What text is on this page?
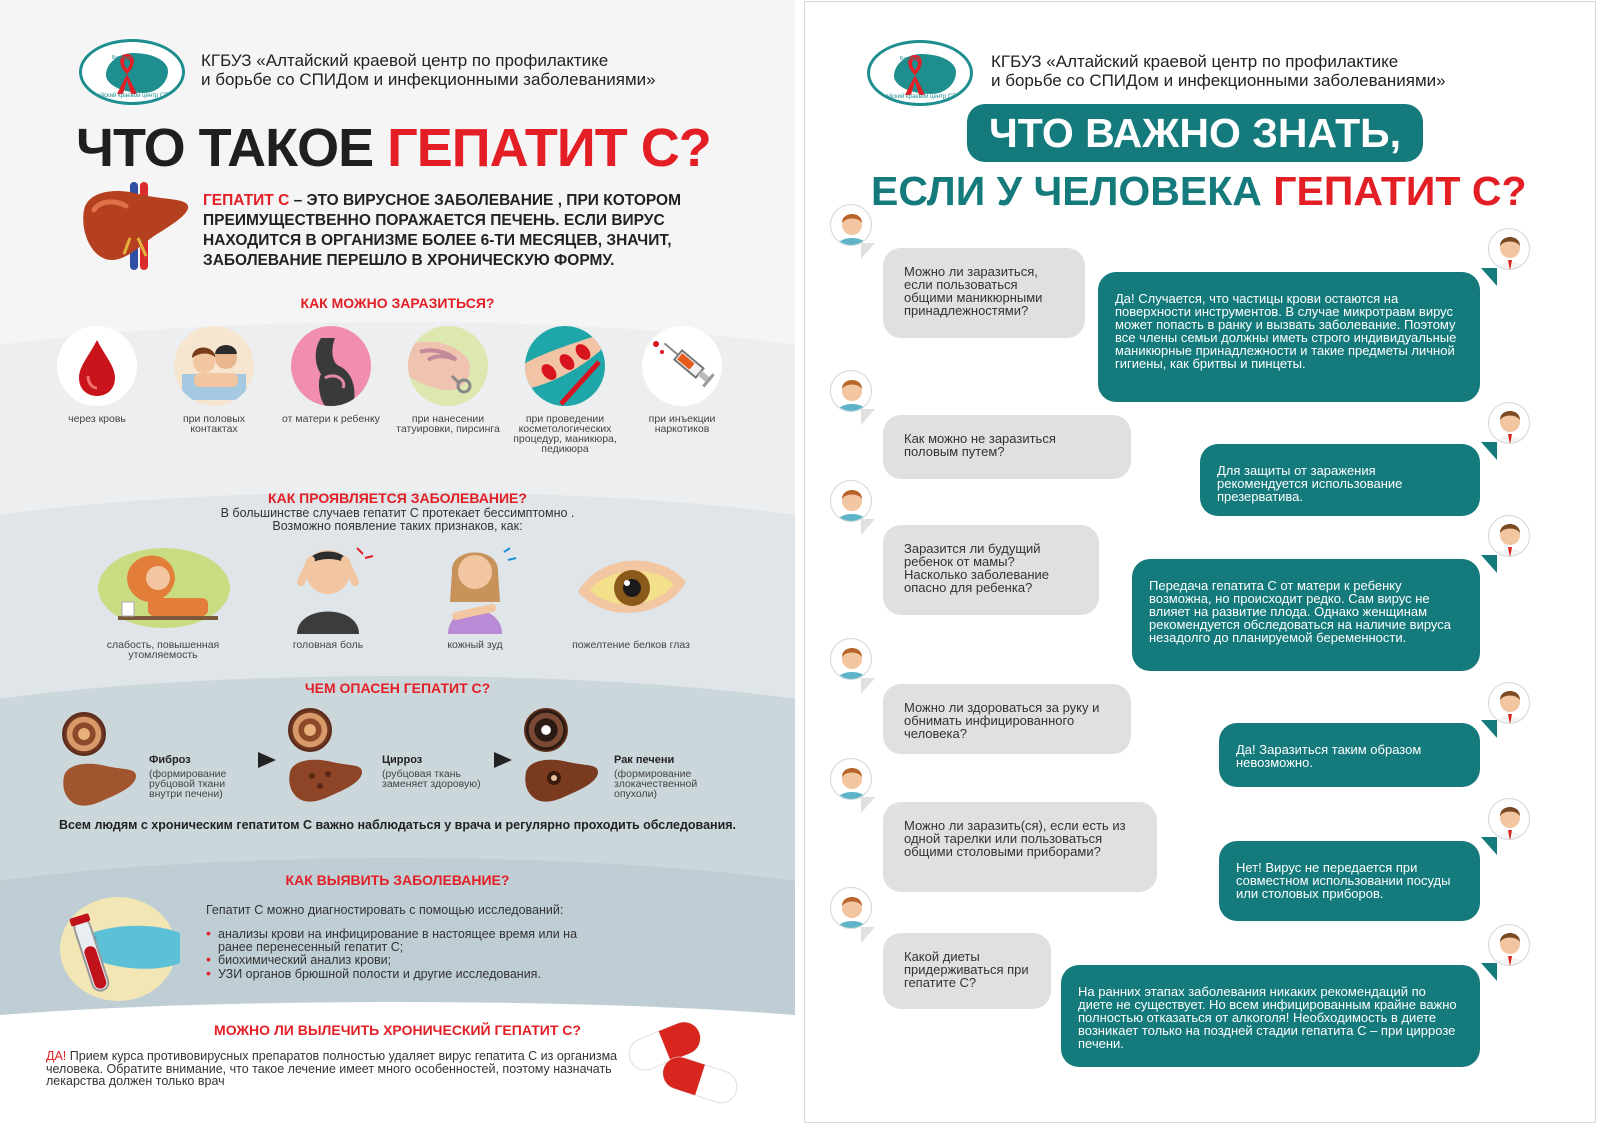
Барнаул
Алтайский краевой центр СПИД
КГБУЗ «Алтайский краевой центр по профилактике
и борьбе со СПИДом и инфекционными заболеваниями»
ЧТО ТАКОЕ ГЕПАТИТ С?
ГЕПАТИТ С – ЭТО ВИРУСНОЕ ЗАБОЛЕВАНИЕ , ПРИ КОТОРОМ ПРЕИМУЩЕСТВЕННО ПОРАЖАЕТСЯ ПЕЧЕНЬ. ЕСЛИ ВИРУС НАХОДИТСЯ В ОРГАНИЗМЕ БОЛЕЕ 6-ТИ МЕСЯЦЕВ, ЗНАЧИТ, ЗАБОЛЕВАНИЕ ПЕРЕШЛО В ХРОНИЧЕСКУЮ ФОРМУ.
КАК МОЖНО ЗАРАЗИТЬСЯ?
через кровь	при половых контактах
от матери к ребенку	при нанесении татуировки, пирсинга
при проведении косметологических процедур, маникюра, педикюра
при инъекции наркотиков
КАК ПРОЯВЛЯЕТСЯ ЗАБОЛЕВАНИЕ?
В большинстве случаев гепатит С протекает бессимптомно .
Возможно появление таких признаков, как:
слабость, повышенная утомляемость
головная боль	кожный зуд	пожелтение белков глаз
ЧЕМ ОПАСЕН ГЕПАТИТ С?
Фиброз
(формирование рубцовой ткани внутри печени)
Цирроз
(рубцовая ткань заменяет здоровую)
Рак печени
(формирование злокачественной опухоли)
Всем людям с хроническим гепатитом С важно наблюдаться у врача и регулярно проходить обследования.
КАК ВЫЯВИТЬ ЗАБОЛЕВАНИЕ?
Гепатит С можно диагностировать с помощью исследований:
• анализы крови на инфицирование в настоящее время или на ранее перенесенный гепатит С;
• биохимический анализ крови;
• УЗИ органов брюшной полости и другие исследования.
МОЖНО ЛИ ВЫЛЕЧИТЬ ХРОНИЧЕСКИЙ ГЕПАТИТ С?
ДА! Прием курса противовирусных препаратов полностью удаляет вирус гепатита С из организма человека. Обратите внимание, что такое лечение имеет много особенностей, поэтому назначать лекарства должен только врач
Барнаул
Алтайский краевой центр СПИД
КГБУЗ «Алтайский краевой центр по профилактике
и борьбе со СПИДом и инфекционными заболеваниями»
ЧТО ВАЖНО ЗНАТЬ,
ЕСЛИ У ЧЕЛОВЕКА ГЕПАТИТ С?
Можно ли заразиться, если пользоваться общими маникюрными принадлежностями?
Да! Случается, что частицы крови остаются на поверхности инструментов. В случае микротравм вирус может попасть в ранку и вызвать заболевание. Поэтому все члены семьи должны иметь строго индивидуальные маникюрные принадлежности и такие предметы личной гигиены, как бритвы и пинцеты.
Как можно не заразиться половым путем?
Для защиты от заражения рекомендуется использование презерватива.
Заразится ли будущий ребенок от мамы? Насколько заболевание опасно для ребенка?	Передача гепатита С от матери к ребенку возможна, но происходит редко. Сам вирус не влияет на развитие плода. Однако женщинам рекомендуется обследоваться на наличие вируса незадолго до планируемой беременности.
Можно ли здороваться за руку и обнимать инфицированного человека?
Да! Заразиться таким образом невозможно.
Можно ли заразить(ся), если есть из одной тарелки или пользоваться общими столовыми приборами?
Нет! Вирус не передается при совместном использовании посуды или столовых приборов.
Какой диеты придерживаться при гепатите С?
На ранних этапах заболевания никаких рекомендаций по диете не существует. Но всем инфицированным крайне важно полностью отказаться от алкоголя! Необходимость в диете возникает только на поздней стадии гепатита С – при циррозе печени.
